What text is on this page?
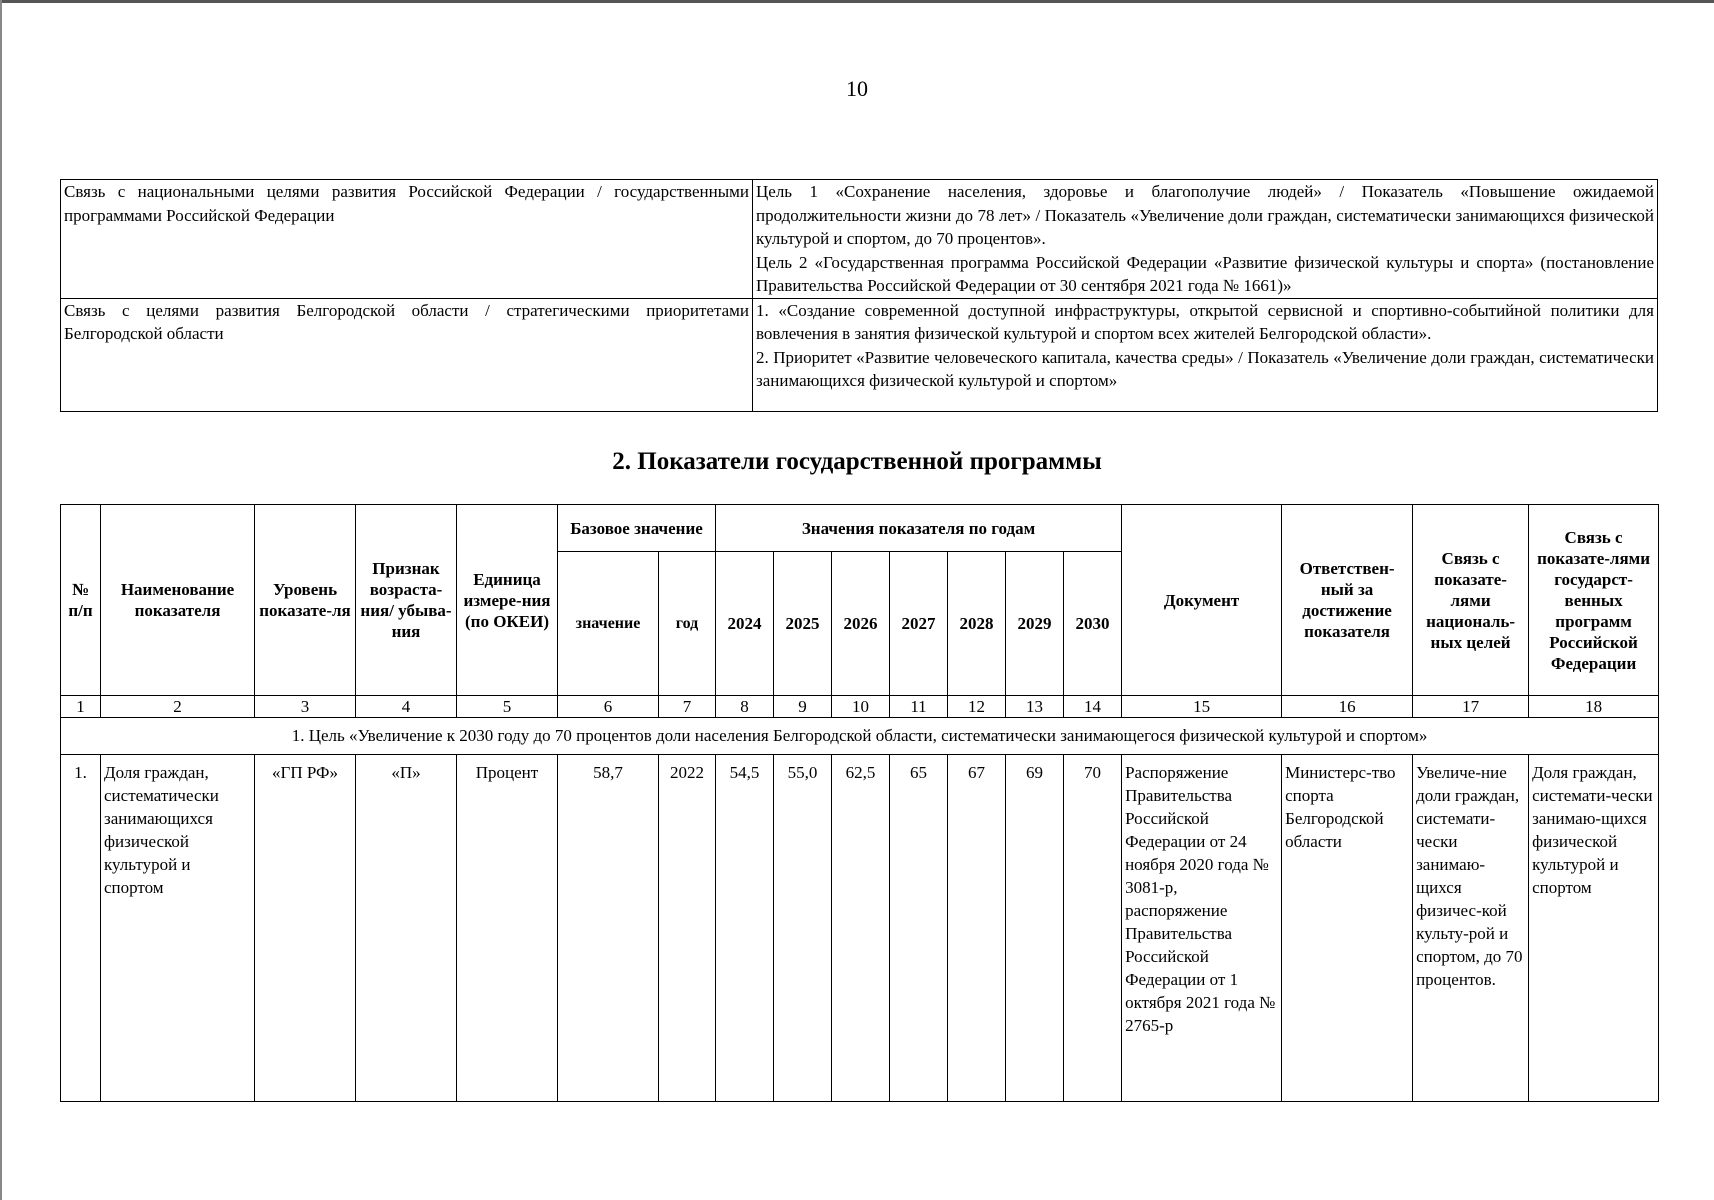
10
Связь с национальными целями развития Российской Федерации / государственными программами Российской Федерации	Цель 1 «Сохранение населения, здоровье и благополучие людей» / Показатель «Повышение ожидаемой продолжительности жизни до 78 лет» / Показатель «Увеличение доли граждан, систематически занимающихся физической культурой и спортом, до 70 процентов».
Цель 2 «Государственная программа Российской Федерации «Развитие физической культуры и спорта» (постановление Правительства Российской Федерации от 30 сентября 2021 года № 1661)»

Связь с целями развития Белгородской области / стратегическими приоритетами Белгородской области	1. «Создание современной доступной инфраструктуры, открытой сервисной и спортивно-событийной политики для вовлечения в занятия физической культурой и спортом всех жителей Белгородской области».
2. Приоритет «Развитие человеческого капитала, качества среды» / Показатель «Увеличение доли граждан, систематически занимающихся физической культурой и спортом»
2. Показатели государственной программы
№ п/п	Наименование показателя	Уровень показате-ля	Признак возраста-ния/ убыва-ния	Единица измере-ния (по ОКЕИ)	Базовое значение		Значения показателя по годам							Документ	Ответствен-ный за достижение показателя	Связь с показате-лями националь-ных целей	Связь с показате-лями государст-венных программ Российской Федерации
					значение	год	2024	2025	2026	2027	2028	2029	2030				
1	2	3	4	5	6	7	8	9	10	11	12	13	14	15	16	17	18
1. Цель «Увеличение к 2030 году до 70 процентов доли населения Белгородской области, систематически занимающегося физической культурой и спортом»																	
1.	Доля граждан, систематически занимающихся физической культурой и спортом	«ГП РФ»	«П»	Процент	58,7	2022	54,5	55,0	62,5	65	67	69	70	Распоряжение Правительства Российской Федерации от 24 ноября 2020 года № 3081-р, распоряжение Правительства Российской Федерации от 1 октября 2021 года № 2765-р	Министерс-тво спорта Белгородской области	Увеличе-ние доли граждан, системати-чески занимаю-щихся физичес-кой культу-рой и спортом, до 70 процентов.	Доля граждан, системати-чески занимаю-щихся физической культурой и спортом
